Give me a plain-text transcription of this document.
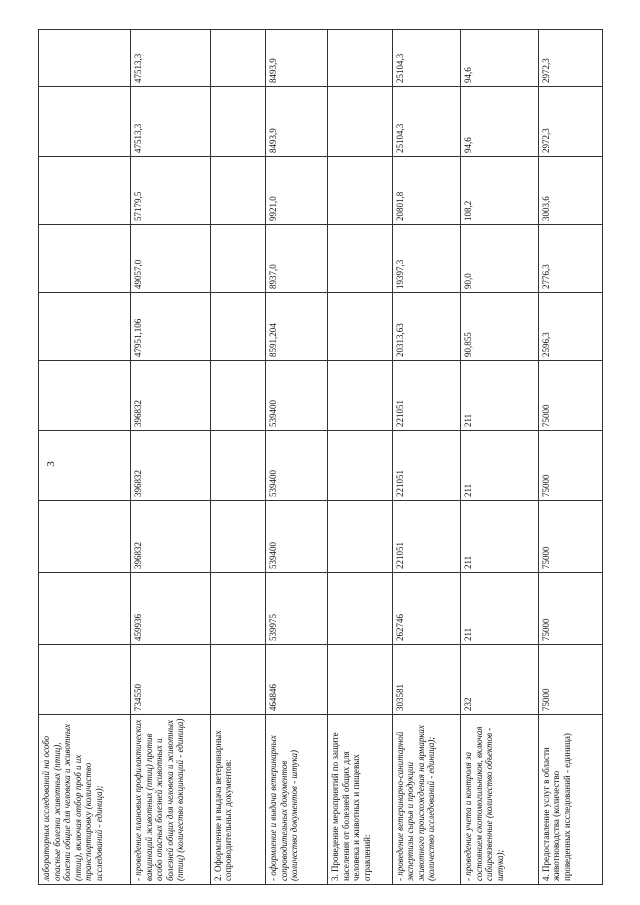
3
лабораторных исследований на особо опасные болезни животных (птиц), болезни общие для человека и животных (птиц), включая отбор проб и их транспортировку (количество исследований - единица);										
- проведение плановых профилактических вакцинаций животных (птиц) против особо опасных болезней животных и болезней общих для человека и животных (птиц) (количество вакцинаций - единица)	734550	459936	396832	396832	396832	47951,106	49057,0	57179,5	47513,3	47513,3
2. Оформление и выдача ветеринарных сопроводительных документов:										
- оформление и выдача ветеринарных сопроводительных документов (количество документов - штука)	464846	539975	539400	539400	539400	8591,204	8937,0	9921,0	8493,9	8493,9
3. Проведение мероприятий по защите населения от болезней общих для человека и животных и пищевых отравлений:										
- проведение ветеринарно-санитарной экспертизы сырья и продукции животного происхождения на ярмарках (количество исследований - единица);	303581	262746	221051	221051	221051	20313,63	19397,3	20801,8	25104,3	25104,3
- проведение учета и контроля за состоянием скотомогильников, включая сибиреязвенные (количество объектов - штука);	232	211	211	211	211	90,855	90,0	108,2	94,6	94,6
4. Предоставление услуг в области животноводства (количество проведенных исследований - единица)	75000	75000	75000	75000	75000	2596,3	2776,3	3003,6	2972,3	2972,3
